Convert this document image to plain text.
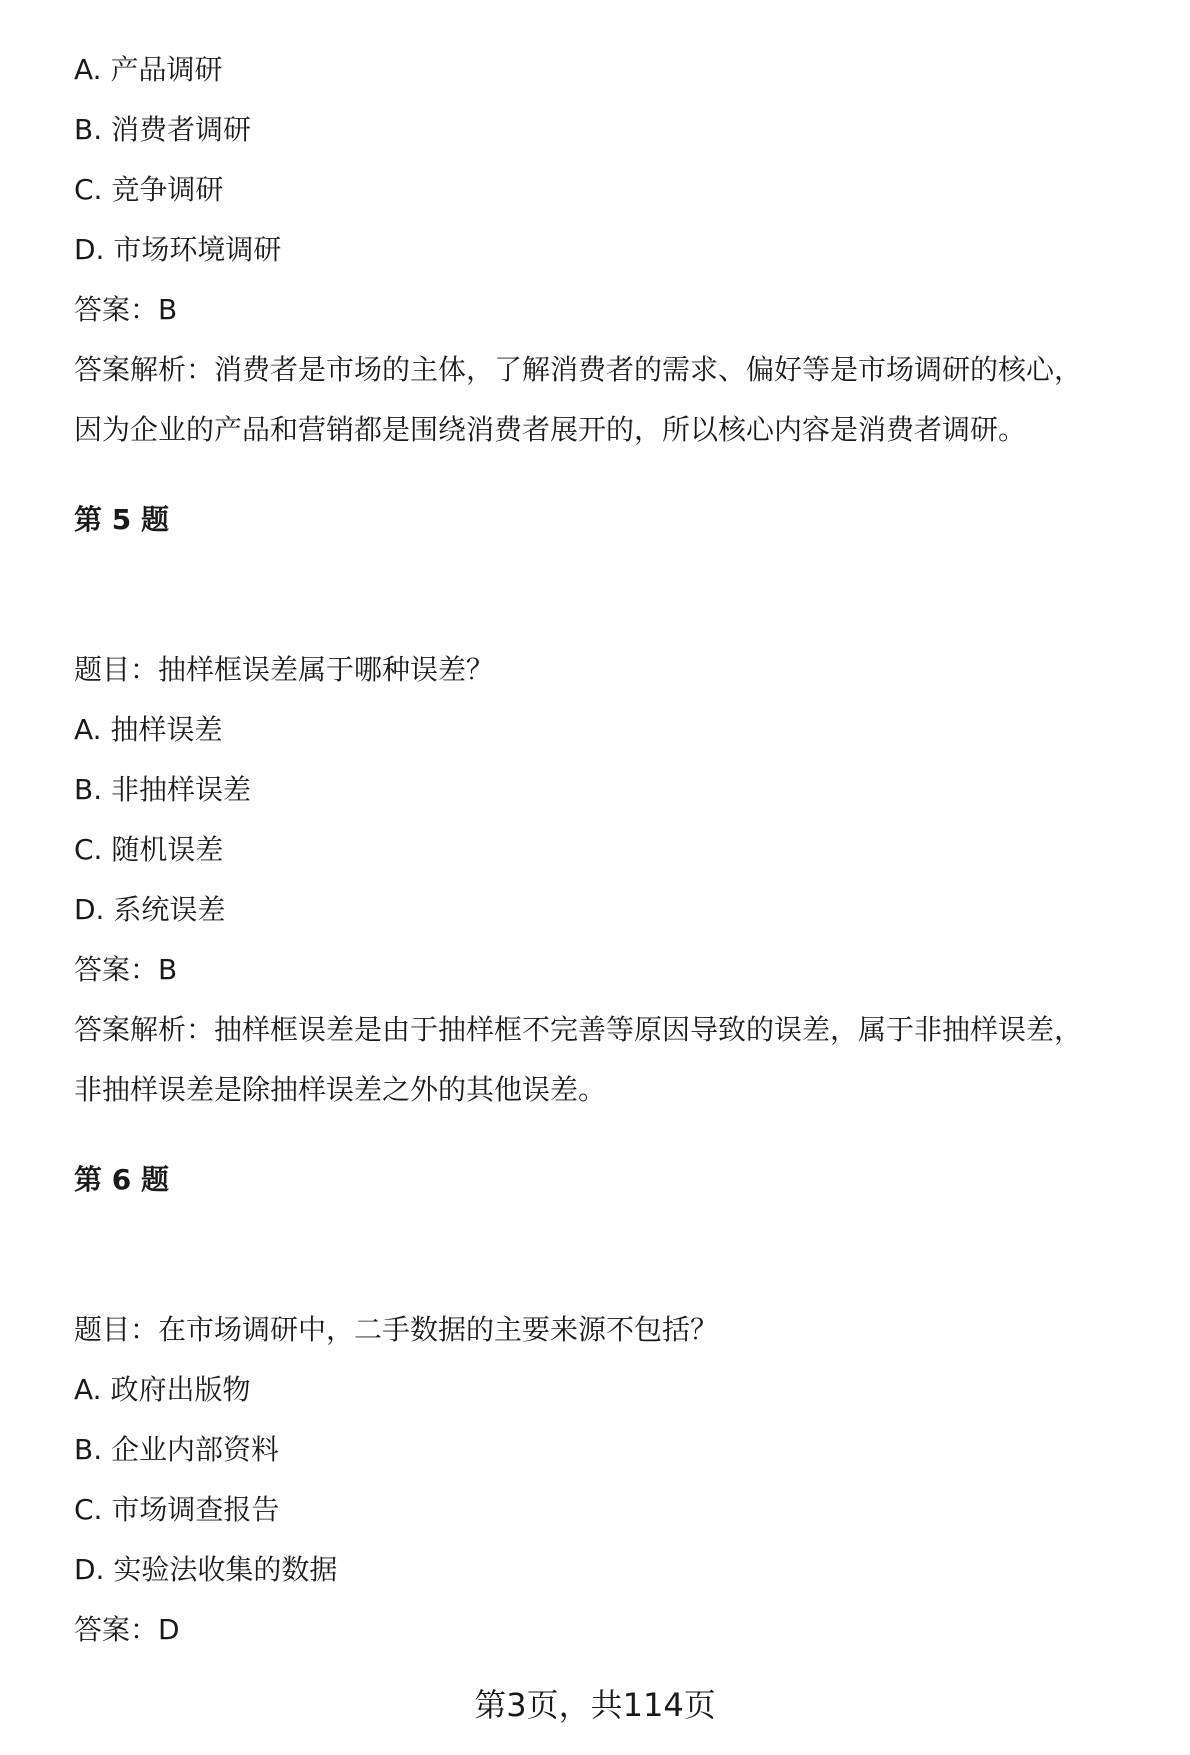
A. 产品调研
B. 消费者调研
C. 竞争调研
D. 市场环境调研
答案：B
答案解析：消费者是市场的主体，了解消费者的需求、偏好等是市场调研的核心，
因为企业的产品和营销都是围绕消费者展开的，所以核心内容是消费者调研。
第 5 题
题目：抽样框误差属于哪种误差？
A. 抽样误差
B. 非抽样误差
C. 随机误差
D. 系统误差
答案：B
答案解析：抽样框误差是由于抽样框不完善等原因导致的误差，属于非抽样误差，
非抽样误差是除抽样误差之外的其他误差。
第 6 题
题目：在市场调研中，二手数据的主要来源不包括？
A. 政府出版物
B. 企业内部资料
C. 市场调查报告
D. 实验法收集的数据
答案：D
第3页，共114页
